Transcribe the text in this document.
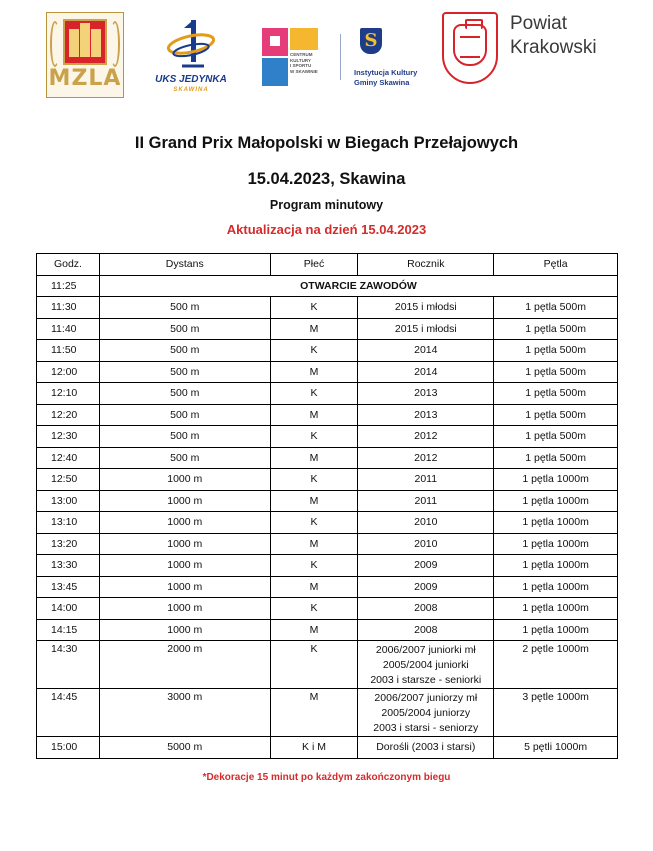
MZLA	UKS JEDYNKA
SKAWINA
CENTRUM
KULTURY
I SPORTU
W SKAWINIE
S
Instytucja Kultury
Gminy Skawina
Powiat
Krakowski
II Grand Prix Małopolski w Biegach Przełajowych
15.04.2023, Skawina
Program minutowy
Aktualizacja na dzień 15.04.2023
Godz.	Dystans	Płeć	Rocznik	Pętla
11:25	OTWARCIE ZAWODÓW			
11:30	500 m	K	2015 i młodsi	1 pętla 500m
11:40	500 m	M	2015 i młodsi	1 pętla 500m
11:50	500 m	K	2014	1 pętla 500m
12:00	500 m	M	2014	1 pętla 500m
12:10	500 m	K	2013	1 pętla 500m
12:20	500 m	M	2013	1 pętla 500m
12:30	500 m	K	2012	1 pętla 500m
12:40	500 m	M	2012	1 pętla 500m
12:50	1000 m	K	2011	1 pętla 1000m
13:00	1000 m	M	2011	1 pętla 1000m
13:10	1000 m	K	2010	1 pętla 1000m
13:20	1000 m	M	2010	1 pętla 1000m
13:30	1000 m	K	2009	1 pętla 1000m
13:45	1000 m	M	2009	1 pętla 1000m
14:00	1000 m	K	2008	1 pętla 1000m
14:15	1000 m	M	2008	1 pętla 1000m
14:30	2000 m	K	2006/2007 juniorki mł
2005/2004 juniorki
2003 i starsze - seniorki	2 pętle 1000m
14:45	3000 m	M	2006/2007 juniorzy mł
2005/2004 juniorzy
2003 i starsi - seniorzy	3 pętle 1000m
15:00	5000 m	K i M	Dorośli (2003 i starsi)	5 pętli 1000m
*Dekoracje 15 minut po każdym zakończonym biegu
